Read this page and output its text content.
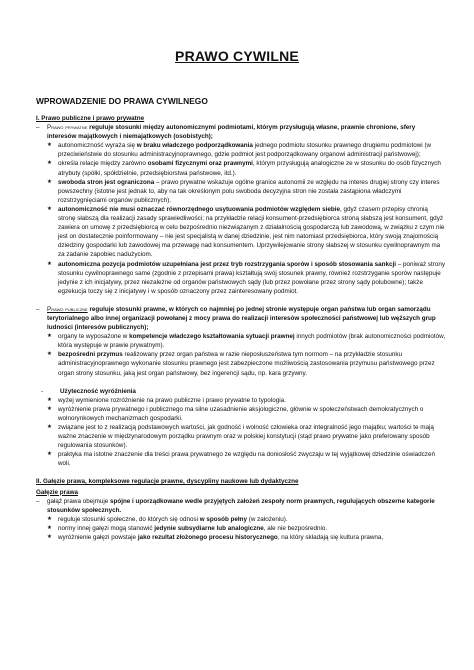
PRAWO CYWILNE
WPROWADZENIE DO PRAWA CYWILNEGO

I. Prawo publiczne i prawo prywatne

– Prawo prywatne reguluje stosunki między autonomicznymi podmiotami, którym przysługują własne, prawnie chronione, sfery interesów majątkowych i niemajątkowych (osobistych);
★ autonomiczność wyraża się w braku władczego podporządkowania jednego podmiotu stosunku prawnego drugiemu podmiotowi (w przeciwieństwie do stosunku administracyjnoprawnego, gdzie podmiot jest podporządkowany organowi administracji państwowej);
★ określa relacje między zarówno osobami fizycznymi oraz prawnymi, którym przysługują analogiczne ze w stosunku do osób fizycznych atrybuty (spółki, spółdzielnie, przedsiębiorstwa państwowe, itd.).
★ swoboda stron jest ograniczona – prawo prywatne wskazuje ogólne granice autonomii ze względu na interes drugiej strony czy interes powszechny (istotne jest jednak to, aby na tak określonym polu swoboda decyzyjna stron nie została zastąpiona władczymi rozstrzygnięciami organów publicznych).
★ autonomiczność nie musi oznaczać równorzędnego usytuowania podmiotów względem siebie, gdyż czasem przepisy chronią stronę słabszą dla realizacji zasady sprawiedliwości; na przykładzie relacji konsument-przedsiębiorca stroną słabszą jest konsument, gdyż zawiera on umowę z przedsiębiorcą w celu bezpośrednio niezwiązanym z działalnością gospodarczą lub zawodową, w związku z czym nie jest on dostatecznie poinformowany – nie jest specjalistą w danej dziedzinie, jest nim natomiast przedsiębiorca, który swoją znajomością dziedziny gospodarki lub zawodowej ma przewagę nad konsumentem. Uprzywilejowanie strony słabszej w stosunku cywilnoprawnym ma za zadanie zapobiec nadużyciom.
★ autonomiczna pozycja podmiotów uzupełniana jest przez tryb rozstrzygania sporów i sposób stosowania sankcji – poniważ strony stosunku cywilnoprawnego same (zgodnie z przepisami prawa) kształtują swój stosunek prawny, również rozstrzyganie sporów następuje jedynie z ich inicjatywy, przez niezależne od organów państwowych sądy (lub przez powołane przez strony sądy polubowne); także egzekucja toczy się z inicjatywy i w sposób oznaczony przez zainteresowany podmiot.
– Prawo publiczne reguluje stosunki prawne, w których co najmniej po jednej stronie występuje organ państwa lub organ samorządu terytorialnego albo innej organizacji powołanej z mocy prawa do realizacji interesów społeczności państwowej lub węższych grup ludności (interesów publicznych);
★ organy te wyposażone w kompetencje władczego kształtowania sytuacji prawnej innych podmiotów (brak autonomiczności podmiotów, która występuje w prawie prywatnym).
★ bezpośredni przymus realizowany przez organ państwa w razie nieposłuszeństwa tym normom – na przykładzie stosunku administracyjnoprawnego wykonanie stosunku prawnego jest zabezpieczone możliwością zastosowania przymusu państwowego przez organ strony stosunku, jaką jest organ państwowy, bez ingerencji sądu, np. kara grzywny.
-	Użyteczność wyróżnienia
★ wyżej wymienione rozróżnienie na prawo publiczne i prawo prywatne to typologia.
★ wyróżnienie prawa prywatnego i publicznego ma silne uzasadnienie aksjologiczne, głównie w społeczeństwach demokratycznych o wolnorynkowych mechanizmach gospodarki.
★ związane jest to z realizacją podstawowych wartości, jak godność i wolność człowieka oraz integralność jego majątku; wartości te mają ważne znaczenie w międzynarodowym porządku prawnym oraz w polskiej konstytucji (stąd prawo prywatne jako preferowany sposób regulowania stosunków).
★ praktyka ma istotne znaczenie dla treści prawa prywatnego ze względu na doniosłość zwyczaju w tej wyjątkowej dziedzinie oświadczeń woli.

II. Gałęzie prawa, kompleksowe regulacje prawne, dyscypliny naukowe lub dydaktyczne

Gałęzie prawa

– gałąź prawa obejmuje spójne i uporządkowane wedle przyjętych założeń zespoły norm prawnych, regulujących obszerne kategorie stosunków społecznych.
★ reguluje stosunki społeczne, do których się odnosi w sposób pełny (w założeniu).
★ normy innej gałęzi mogą stanowić jedynie subsydiarne lub analogiczne, ale nie bezpośrednio.
★ wyróżnienie gałęzi powstaje jako rezultat złożonego procesu historycznego, na który składają się kultura prawna,
